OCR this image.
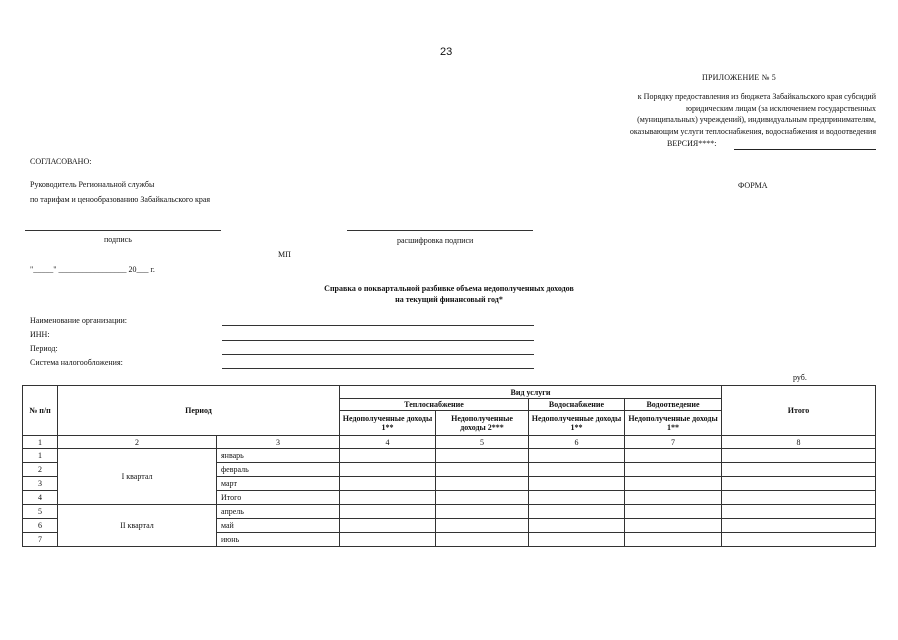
23
ПРИЛОЖЕНИЕ № 5
к Порядку предоставления из бюджета Забайкальского края субсидий
юридическим лицам (за исключением государственных
(муниципальных) учреждений), индивидуальным предпринимателям,
оказывающим услуги теплоснабжения, водоснабжения и водоотведения
ВЕРСИЯ****:
СОГЛАСОВАНО:
Руководитель Региональной службы
по тарифам и ценообразованию Забайкальского края
ФОРМА
подпись	расшифровка подписи
МП
"_____" _________________ 20___ г.
Справка о поквартальной разбивке объема недополученных доходов
на текущий финансовый год*
Наименование организации:
ИНН:
Период:
Система налогообложения:
руб.
№ п/п	Период		Вид услуги				Итого
			Теплоснабжение		Водоснабжение	Водоотведение	
			Недополученные доходы 1**	Недополученные доходы 2***	Недополученные доходы 1**	Недополученные доходы 1**	
1	2	3	4	5	6	7	8
1	I квартал	январь					
2		февраль					
3		март					
4		Итого					
5	II квартал	апрель					
6		май					
7		июнь					
